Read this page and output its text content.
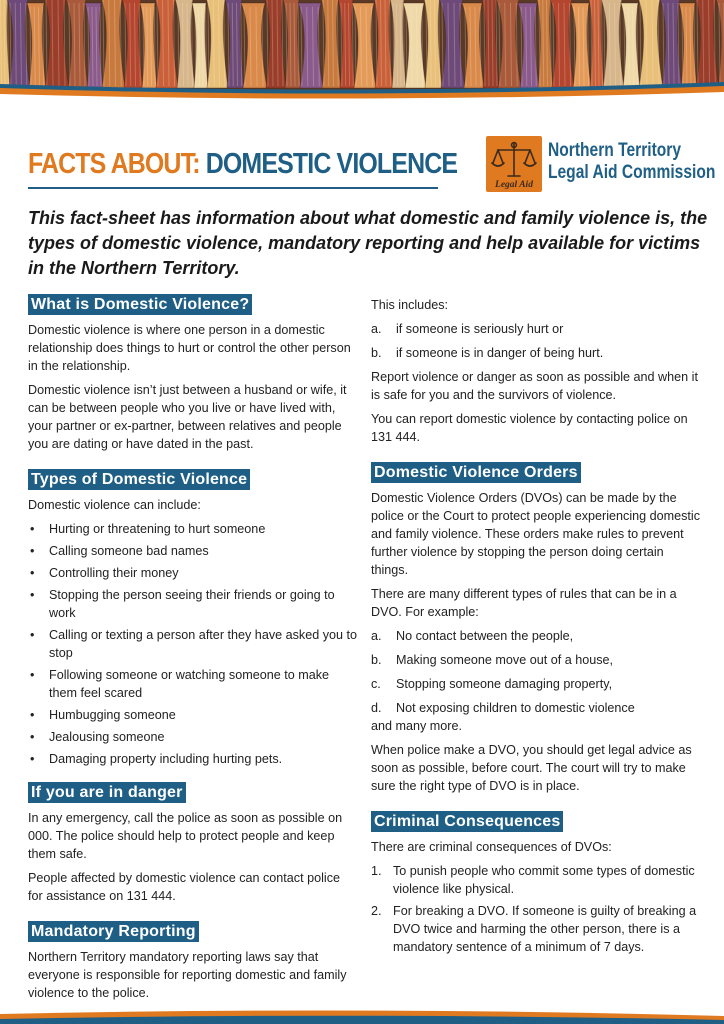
FACTS ABOUT: DOMESTIC VIOLENCE
Legal Aid
Northern Territory
Legal Aid Commission
This fact-sheet has information about what domestic and family violence is, the types of domestic violence, mandatory reporting and help available for victims in the Northern Territory.
What is Domestic Violence?

Domestic violence is where one person in a domestic relationship does things to hurt or control the other person in the relationship.

Domestic violence isn’t just between a husband or wife, it can be between people who you live or have lived with, your partner or ex-partner, between relatives and people you are dating or have dated in the past.

Types of Domestic Violence

Domestic violence can include:

• Hurting or threatening to hurt someone
• Calling someone bad names
• Controlling their money
• Stopping the person seeing their friends or going to work
• Calling or texting a person after they have asked you to stop
• Following someone or watching someone to make them feel scared
• Humbugging someone
• Jealousing someone
• Damaging property including hurting pets.
If you are in danger

In any emergency, call the police as soon as possible on 000. The police should help to protect people and keep them safe.

People affected by domestic violence can contact police for assistance on 131 444.

Mandatory Reporting

Northern Territory mandatory reporting laws say that everyone is responsible for reporting domestic and family violence to the police.

This includes:

a. if someone is seriously hurt or
b. if someone is in danger of being hurt.

Report violence or danger as soon as possible and when it is safe for you and the survivors of violence.

You can report domestic violence by contacting police on 131 444.

Domestic Violence Orders

Domestic Violence Orders (DVOs) can be made by the police or the Court to protect people experiencing domestic and family violence. These orders make rules to prevent further violence by stopping the person doing certain things.

There are many different types of rules that can be in a DVO. For example:

a. No contact between the people,
b. Making someone move out of a house,
c. Stopping someone damaging property,
d. Not exposing children to domestic violence

and many more.

When police make a DVO, you should get legal advice as soon as possible, before court. The court will try to make sure the right type of DVO is in place.

Criminal Consequences

There are criminal consequences of DVOs:

1. To punish people who commit some types of domestic violence like physical.
2. For breaking a DVO. If someone is guilty of breaking a DVO twice and harming the other person, there is a mandatory sentence of a minimum of 7 days.
